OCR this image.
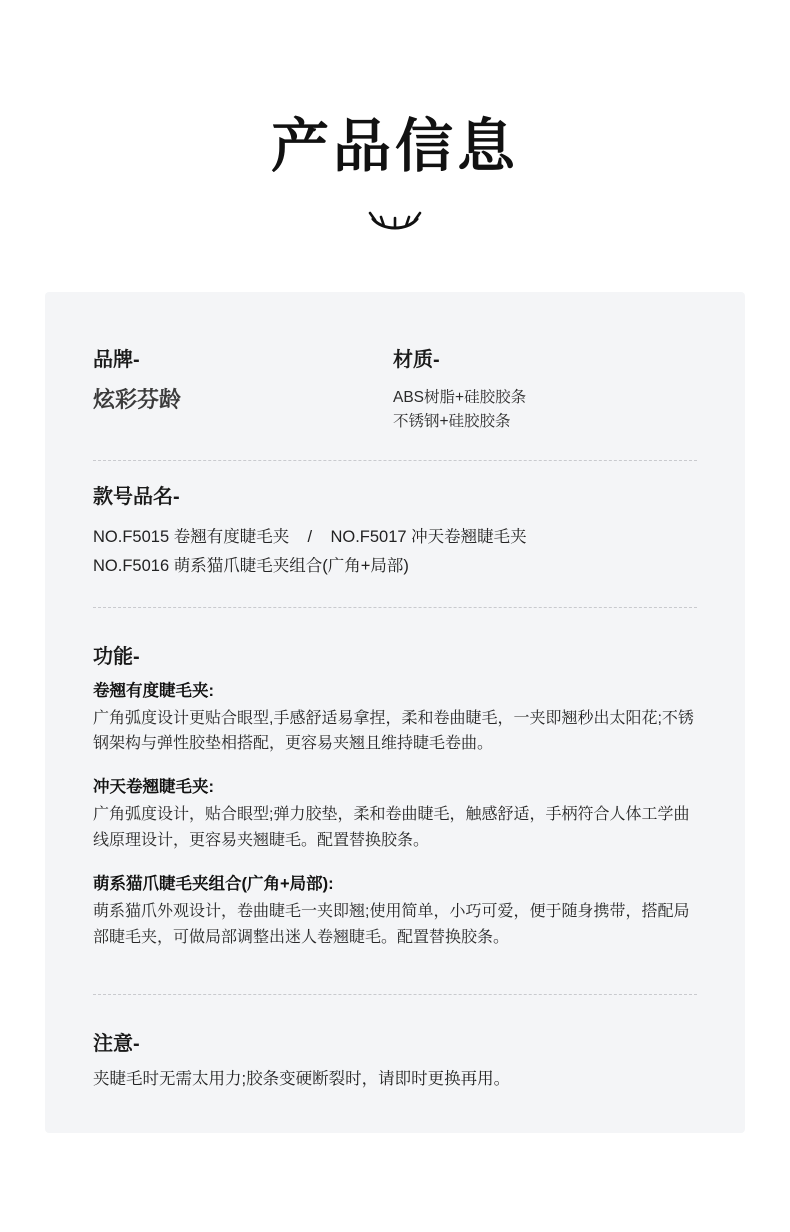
产品信息

品牌-

炫彩芬龄

材质-

ABS树脂+硅胶胶条

不锈钢+硅胶胶条

款号品名-

NO.F5015 卷翘有度睫毛夹    /    NO.F5017 冲天卷翘睫毛夹

NO.F5016 萌系猫爪睫毛夹组合(广角+局部)

功能-

卷翘有度睫毛夹:

广角弧度设计更贴合眼型,手感舒适易拿捏，柔和卷曲睫毛，一夹即翘秒出太阳花;不锈钢架构与弹性胶垫相搭配，更容易夹翘且维持睫毛卷曲。

冲天卷翘睫毛夹:

广角弧度设计，贴合眼型;弹力胶垫，柔和卷曲睫毛，触感舒适，手柄符合人体工学曲线原理设计，更容易夹翘睫毛。配置替换胶条。

萌系猫爪睫毛夹组合(广角+局部):

萌系猫爪外观设计，卷曲睫毛一夹即翘;使用简单，小巧可爱，便于随身携带，搭配局部睫毛夹，可做局部调整出迷人卷翘睫毛。配置替换胶条。

注意-

夹睫毛时无需太用力;胶条变硬断裂时，请即时更换再用。
